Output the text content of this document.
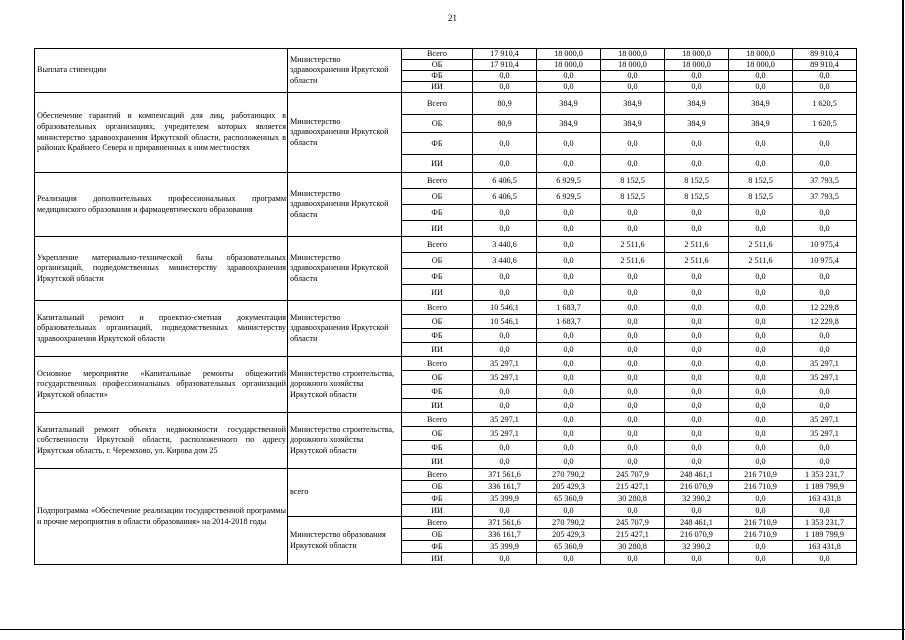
21
Выплата стипендии	Министерство здравоохранения Иркутской области	Всего	17 910,4	18 000,0	18 000,0	18 000,0	18 000,0	89 910,4
		ОБ	17 910,4	18 000,0	18 000,0	18 000,0	18 000,0	89 910,4
		ФБ	0,0	0,0	0,0	0,0	0,0	0,0
		ИИ	0,0	0,0	0,0	0,0	0,0	0,0
Обеспечение гарантий и компенсаций для лиц, работающих в образовательных организациях, учредителем которых является министерство здравоохранения Иркутской области, расположенных в районах Крайнего Севера и приравненных к ним местностях	Министерство здравоохранения Иркутской области	Всего	80,9	384,9	384,9	384,9	384,9	1 620,5
		ОБ	80,9	384,9	384,9	384,9	384,9	1 620,5
		ФБ	0,0	0,0	0,0	0,0	0,0	0,0
		ИИ	0,0	0,0	0,0	0,0	0,0	0,0
Реализация дополнительных профессиональных программ медицинского образования и фармацевтического образования	Министерство здравоохранения Иркутской области	Всего	6 406,5	6 929,5	8 152,5	8 152,5	8 152,5	37 793,5
		ОБ	6 406,5	6 929,5	8 152,5	8 152,5	8 152,5	37 793,5
		ФБ	0,0	0,0	0,0	0,0	0,0	0,0
		ИИ	0,0	0,0	0,0	0,0	0,0	0,0
Укрепление материально-технической базы образовательных организаций, подведомственных министерству здравоохранения Иркутской области	Министерство здравоохранения Иркутской области	Всего	3 440,6	0,0	2 511,6	2 511,6	2 511,6	10 975,4
		ОБ	3 440,6	0,0	2 511,6	2 511,6	2 511,6	10 975,4
		ФБ	0,0	0,0	0,0	0,0	0,0	0,0
		ИИ	0,0	0,0	0,0	0,0	0,0	0,0
Капитальный ремонт и проектно-сметная документация образовательных организаций, подведомственных министерству здравоохранения Иркутской области	Министерство здравоохранения Иркутской области	Всего	10 546,1	1 683,7	0,0	0,0	0,0	12 229,8
		ОБ	10 546,1	1 683,7	0,0	0,0	0,0	12 229,8
		ФБ	0,0	0,0	0,0	0,0	0,0	0,0
		ИИ	0,0	0,0	0,0	0,0	0,0	0,0
Основное мероприятие «Капитальные ремонты общежитий государственных профессиональных образовательных организаций Иркутской области»	Министерство строительства, дорожного хозяйства Иркутской области	Всего	35 297,1	0,0	0,0	0,0	0,0	35 297,1
		ОБ	35 297,1	0,0	0,0	0,0	0,0	35 297,1
		ФБ	0,0	0,0	0,0	0,0	0,0	0,0
		ИИ	0,0	0,0	0,0	0,0	0,0	0,0
Капитальный ремонт объекта недвижимости государственной собственности Иркутской области, расположенного по адресу Иркутская область, г. Черемхово, ул. Кирова дом 25	Министерство строительства, дорожного хозяйства Иркутской области	Всего	35 297,1	0,0	0,0	0,0	0,0	35 297,1
		ОБ	35 297,1	0,0	0,0	0,0	0,0	35 297,1
		ФБ	0,0	0,0	0,0	0,0	0,0	0,0
		ИИ	0,0	0,0	0,0	0,0	0,0	0,0
Подпрограмма «Обеспечение реализации государственной программы и прочие мероприятия в области образования» на 2014-2018 годы	всего	Всего	371 561,6	270 790,2	245 707,9	248 461,1	216 710,9	1 353 231,7
		ОБ	336 161,7	205 429,3	215 427,1	216 070,9	216 710,9	1 189 799,9
		ФБ	35 399,9	65 360,9	30 280,8	32 390,2	0,0	163 431,8
		ИИ	0,0	0,0	0,0	0,0	0,0	0,0
	Министерство образования Иркутской области	Всего	371 561,6	270 790,2	245 707,9	248 461,1	216 710,9	1 353 231,7
		ОБ	336 161,7	205 429,3	215 427,1	216 070,9	216 710,9	1 189 799,9
		ФБ	35 399,9	65 360,9	30 280,8	32 390,2	0,0	163 431,8
		ИИ	0,0	0,0	0,0	0,0	0,0	0,0
